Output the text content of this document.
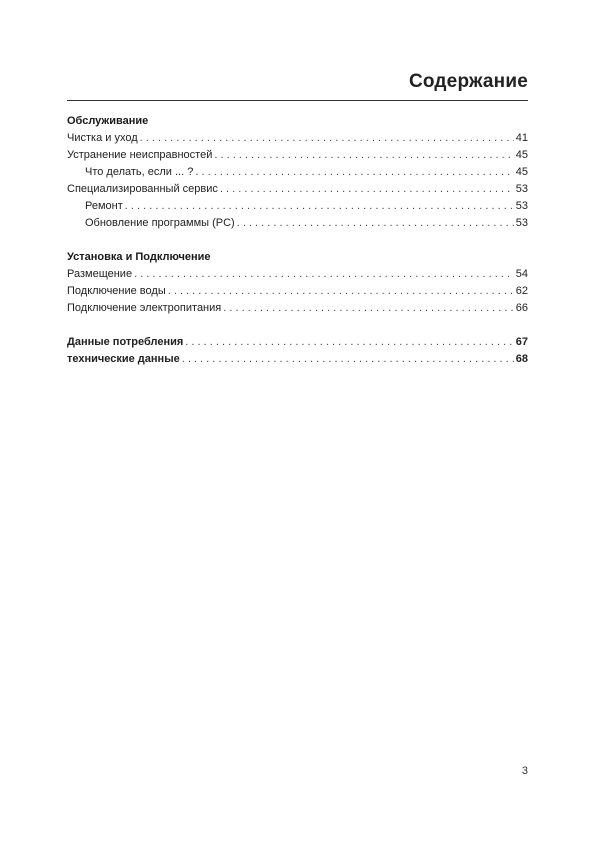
Содержание
Обслуживание
Чистка и уход . . .	41
Устранение неисправностей . . .	45
Что делать, если ... ? . . .	45
Специализированный сервис . . .	53
Ремонт . . .	53
Обновление программы (PC) . . .	53
Установка и Подключение
Размещение . . .	54
Подключение воды . . .	62
Подключение электропитания . . .	66
Данные потребления . . .	67
технические данные . . .	68
3
